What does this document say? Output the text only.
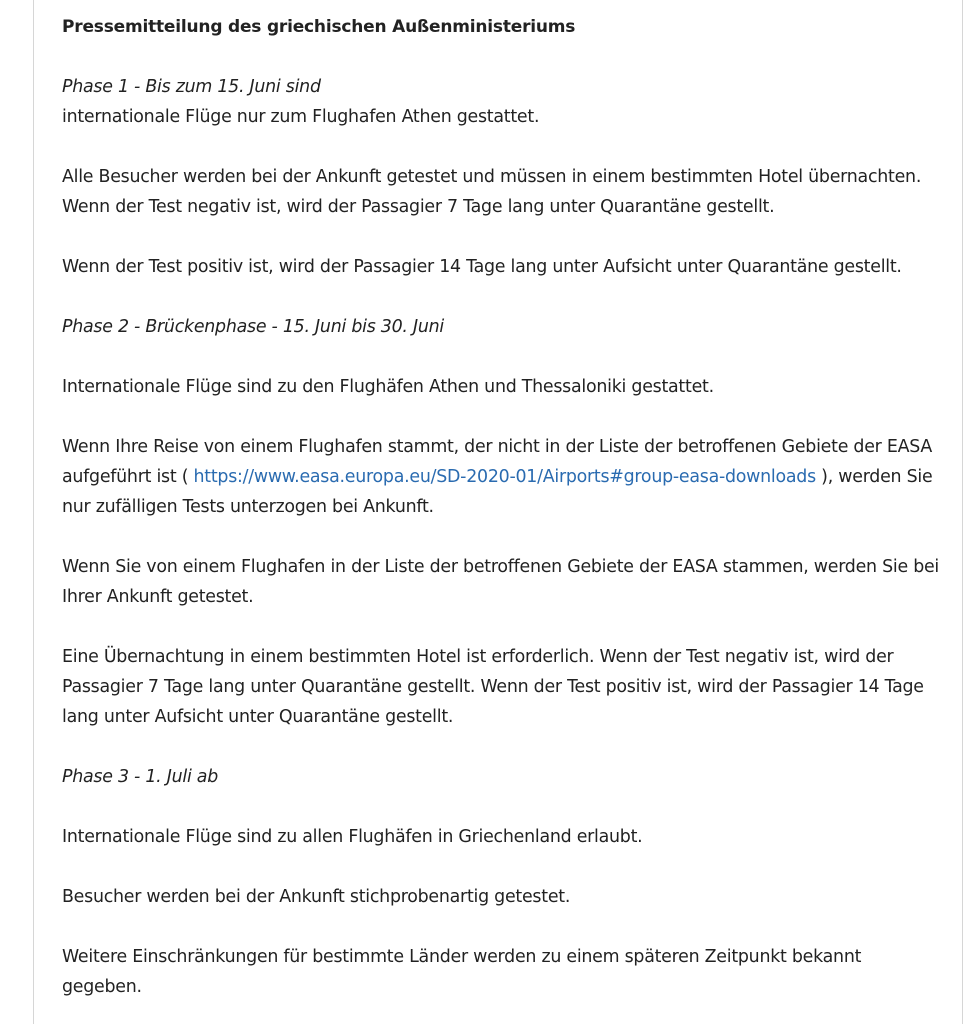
Pressemitteilung des griechischen Außenministeriums

Phase 1 - Bis zum 15. Juni sind

internationale Flüge nur zum Flughafen Athen gestattet.

Alle Besucher werden bei der Ankunft getestet und müssen in einem bestimmten Hotel übernachten. Wenn der Test negativ ist, wird der Passagier 7 Tage lang unter Quarantäne gestellt.

Wenn der Test positiv ist, wird der Passagier 14 Tage lang unter Aufsicht unter Quarantäne gestellt.

Phase 2 - Brückenphase - 15. Juni bis 30. Juni

Internationale Flüge sind zu den Flughäfen Athen und Thessaloniki gestattet.

Wenn Ihre Reise von einem Flughafen stammt, der nicht in der Liste der betroffenen Gebiete der EASA aufgeführt ist ( https://www.easa.europa.eu/SD-2020-01/Airports#group-easa-downloads ), werden Sie nur zufälligen Tests unterzogen bei Ankunft.

Wenn Sie von einem Flughafen in der Liste der betroffenen Gebiete der EASA stammen, werden Sie bei Ihrer Ankunft getestet.

Eine Übernachtung in einem bestimmten Hotel ist erforderlich. Wenn der Test negativ ist, wird der Passagier 7 Tage lang unter Quarantäne gestellt. Wenn der Test positiv ist, wird der Passagier 14 Tage lang unter Aufsicht unter Quarantäne gestellt.

Phase 3 - 1. Juli ab

Internationale Flüge sind zu allen Flughäfen in Griechenland erlaubt.

Besucher werden bei der Ankunft stichprobenartig getestet.

Weitere Einschränkungen für bestimmte Länder werden zu einem späteren Zeitpunkt bekannt gegeben.
